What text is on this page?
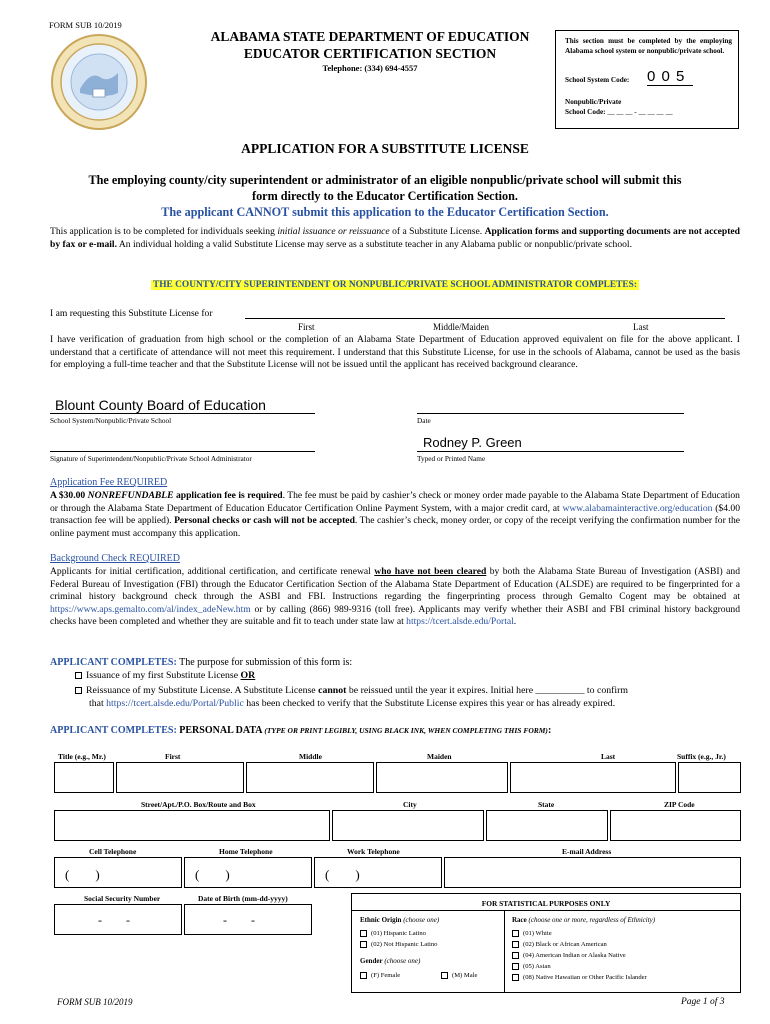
FORM SUB 10/2019
ALABAMA STATE DEPARTMENT OF EDUCATION
EDUCATOR CERTIFICATION SECTION
Telephone: (334) 694-4557
This section must be completed by the employing Alabama school system or nonpublic/private school.
School System Code: 0 0 5
Nonpublic/Private
School Code: __ __ __ - __ __ __ __
APPLICATION FOR A SUBSTITUTE LICENSE
The employing county/city superintendent or administrator of an eligible nonpublic/private school will submit this
form directly to the Educator Certification Section.
The applicant CANNOT submit this application to the Educator Certification Section.
This application is to be completed for individuals seeking initial issuance or reissuance of a Substitute License. Application forms and supporting documents are not accepted by fax or e-mail. An individual holding a valid Substitute License may serve as a substitute teacher in any Alabama public or nonpublic/private school.
THE COUNTY/CITY SUPERINTENDENT OR NONPUBLIC/PRIVATE SCHOOL ADMINISTRATOR COMPLETES:
I am requesting this Substitute License for
First	Middle/Maiden	Last
I have verification of graduation from high school or the completion of an Alabama State Department of Education approved equivalent on file for the above applicant. I understand that a certificate of attendance will not meet this requirement. I understand that this Substitute License, for use in the schools of Alabama, cannot be used as the basis for employing a full-time teacher and that the Substitute License will not be issued until the applicant has received background clearance.
Blount County Board of Education
School System/Nonpublic/Private School	Date
Signature of Superintendent/Nonpublic/Private School Administrator
Rodney P. Green
Typed or Printed Name
Application Fee REQUIRED
A $30.00 NONREFUNDABLE application fee is required. The fee must be paid by cashier’s check or money order made payable to the Alabama State Department of Education or through the Alabama State Department of Education Educator Certification Online Payment System, with a major credit card, at www.alabamainteractive.org/education ($4.00 transaction fee will be applied). Personal checks or cash will not be accepted. The cashier’s check, money order, or copy of the receipt verifying the confirmation number for the online payment must accompany this application.
Background Check REQUIRED
Applicants for initial certification, additional certification, and certificate renewal who have not been cleared by both the Alabama State Bureau of Investigation (ASBI) and Federal Bureau of Investigation (FBI) through the Educator Certification Section of the Alabama State Department of Education (ALSDE) are required to be fingerprinted for a criminal history background check through the ASBI and FBI. Instructions regarding the fingerprinting process through Gemalto Cogent may be obtained at https://www.aps.gemalto.com/al/index_adeNew.htm or by calling (866) 989-9316 (toll free). Applicants may verify whether their ASBI and FBI criminal history background checks have been completed and whether they are suitable and fit to teach under state law at https://tcert.alsde.edu/Portal.
APPLICANT COMPLETES: The purpose for submission of this form is:
Issuance of my first Substitute License OR
Reissuance of my Substitute License. A Substitute License cannot be reissued until the year it expires. Initial here __________ to confirm
that https://tcert.alsde.edu/Portal/Public has been checked to verify that the Substitute License expires this year or has already expired.
APPLICANT COMPLETES: PERSONAL DATA (TYPE OR PRINT LEGIBLY, USING BLACK INK, WHEN COMPLETING THIS FORM):
Title (e.g., Mr.)	First	Middle	Maiden	Last	Suffix (e.g., Jr.)
Street/Apt./P.O. Box/Route and Box	City	State	ZIP Code
Cell Telephone	Home Telephone	Work Telephone	E-mail Address
(        )	(        )	(        )
Social Security Number	Date of Birth (mm-dd-yyyy)
-        -	-        -
FOR STATISTICAL PURPOSES ONLY
Ethnic Origin (choose one)
(01) Hispanic Latino
(02) Not Hispanic Latino
Gender (choose one)
(F) Female	(M) Male
Race (choose one or more, regardless of Ethnicity)
(01) White
(02) Black or African American
(04) American Indian or Alaska Native
(05) Asian
(08) Native Hawaiian or Other Pacific Islander
FORM SUB 10/2019	Page 1 of 3
